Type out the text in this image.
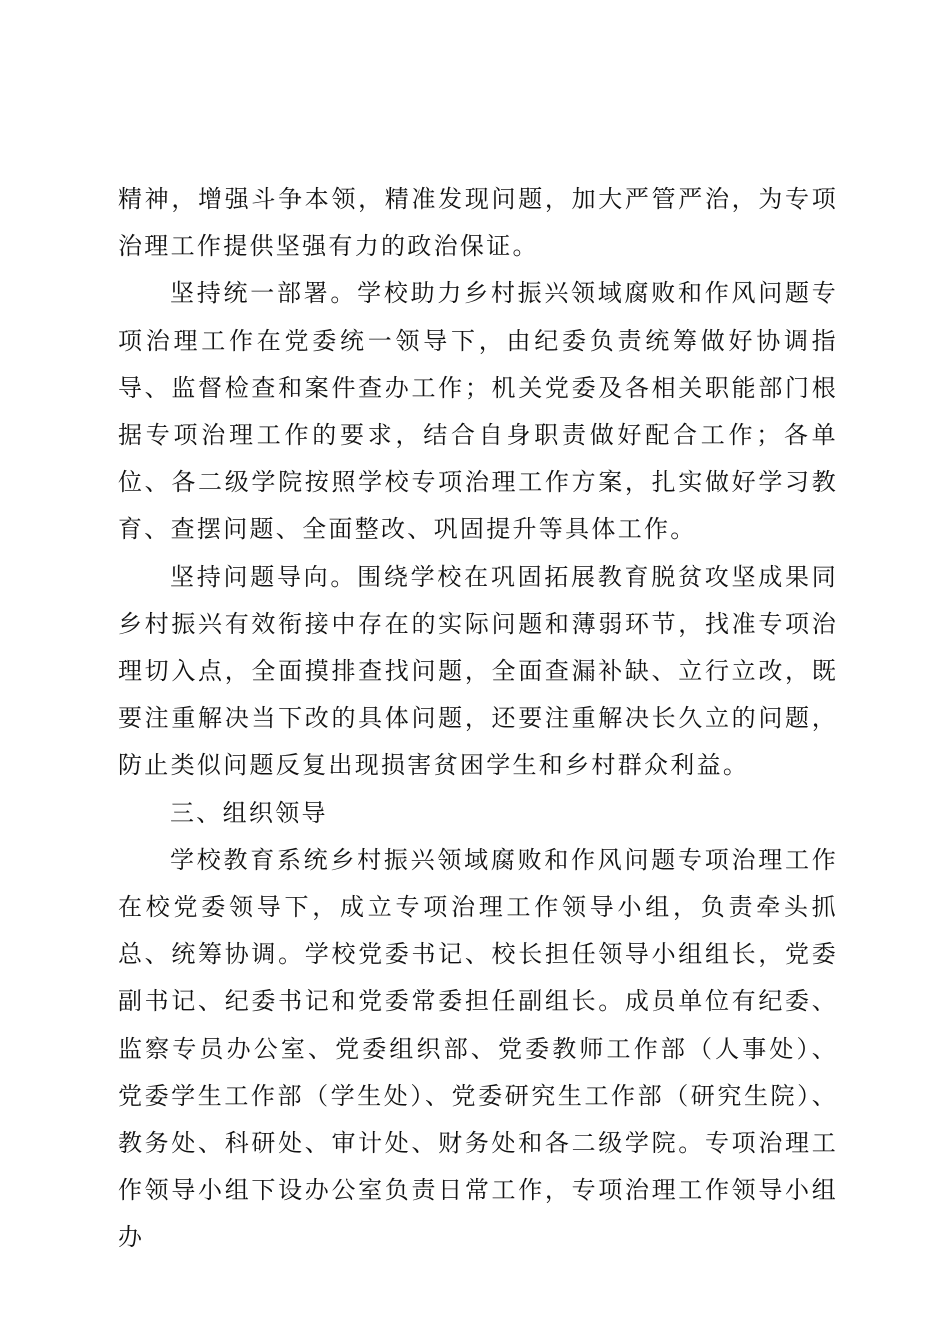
精神，增强斗争本领，精准发现问题，加大严管严治，为专项治理工作提供坚强有力的政治保证。

坚持统一部署。学校助力乡村振兴领域腐败和作风问题专项治理工作在党委统一领导下，由纪委负责统筹做好协调指导、监督检查和案件查办工作；机关党委及各相关职能部门根据专项治理工作的要求，结合自身职责做好配合工作；各单位、各二级学院按照学校专项治理工作方案，扎实做好学习教育、查摆问题、全面整改、巩固提升等具体工作。

坚持问题导向。围绕学校在巩固拓展教育脱贫攻坚成果同乡村振兴有效衔接中存在的实际问题和薄弱环节，找准专项治理切入点，全面摸排查找问题，全面查漏补缺、立行立改，既要注重解决当下改的具体问题，还要注重解决长久立的问题，防止类似问题反复出现损害贫困学生和乡村群众利益。

三、组织领导

学校教育系统乡村振兴领域腐败和作风问题专项治理工作在校党委领导下，成立专项治理工作领导小组，负责牵头抓总、统筹协调。学校党委书记、校长担任领导小组组长，党委副书记、纪委书记和党委常委担任副组长。成员单位有纪委、监察专员办公室、党委组织部、党委教师工作部（人事处）、党委学生工作部（学生处）、党委研究生工作部（研究生院）、教务处、科研处、审计处、财务处和各二级学院。专项治理工作领导小组下设办公室负责日常工作，专项治理工作领导小组办
